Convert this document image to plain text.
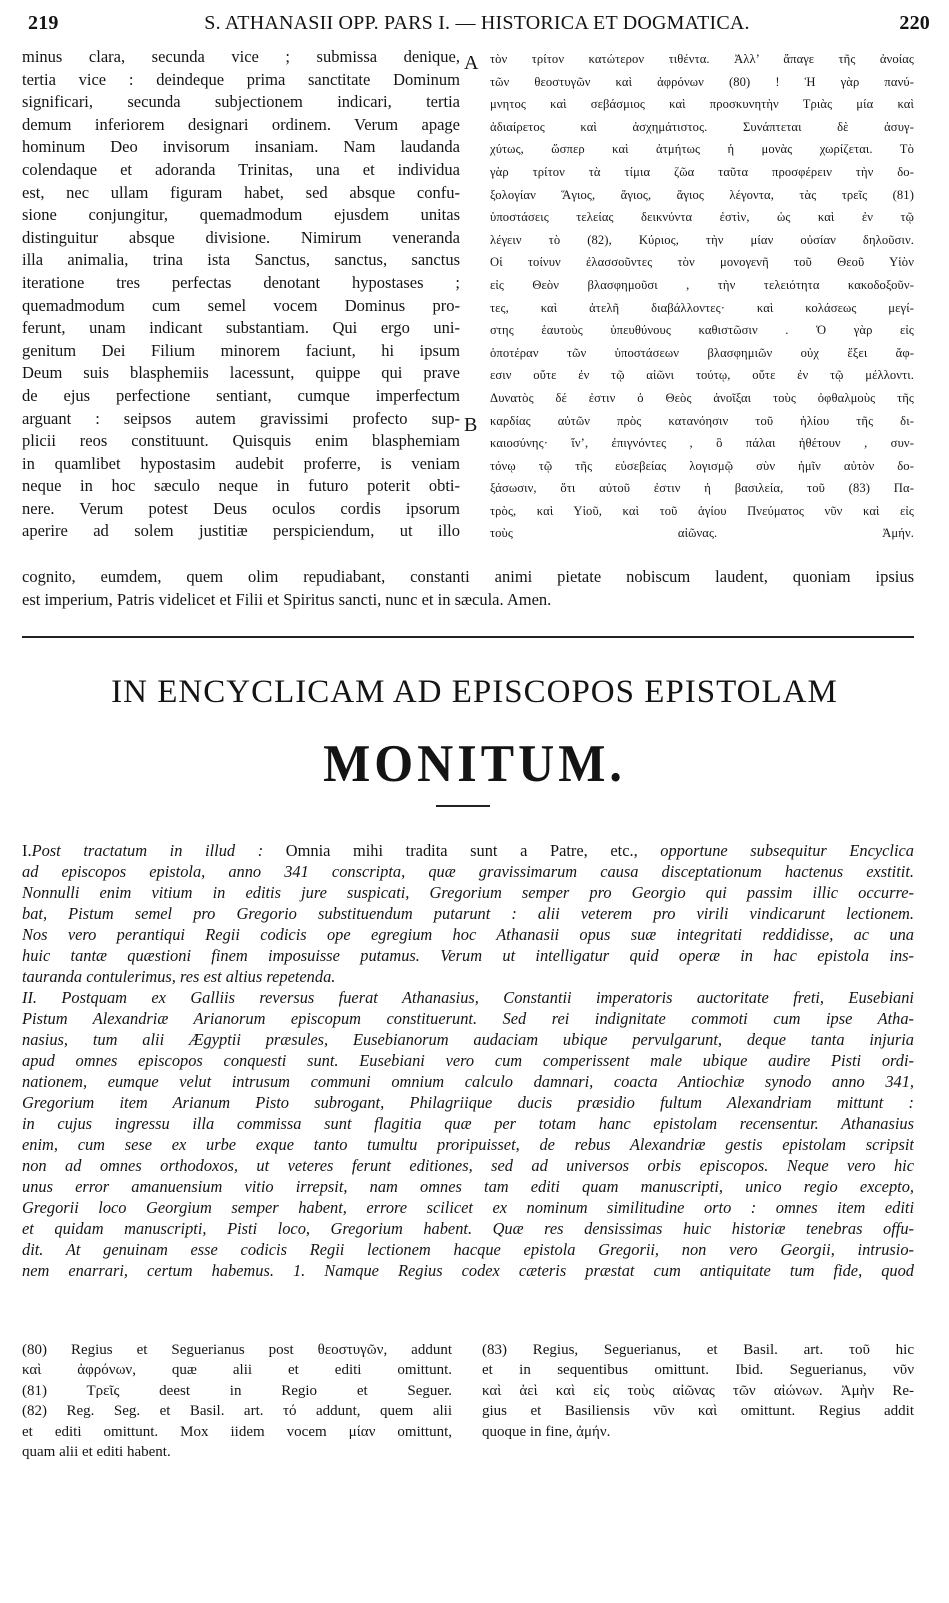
219	S. ATHANASII OPP. PARS I. — HISTORICA ET DOGMATICA.	220
A
B
minus clara, secunda vice ; submissa denique,
tertia vice : deindeque prima sanctitate Dominum
significari, secunda subjectionem indicari, tertia
demum inferiorem designari ordinem. Verum apage
hominum Deo invisorum insaniam. Nam laudanda
colendaque et adoranda Trinitas, una et individua
est, nec ullam figuram habet, sed absque confu-
sione conjungitur, quemadmodum ejusdem unitas
distinguitur absque divisione. Nimirum veneranda
illa animalia, trina ista Sanctus, sanctus, sanctus
iteratione tres perfectas denotant hypostases ;
quemadmodum cum semel vocem Dominus pro-
ferunt, unam indicant substantiam. Qui ergo uni-
genitum Dei Filium minorem faciunt, hi ipsum
Deum suis blasphemiis lacessunt, quippe qui prave
de ejus perfectione sentiant, cumque imperfectum
arguant : seipsos autem gravissimi profecto sup-
plicii reos constituunt. Quisquis enim blasphemiam
in quamlibet hypostasim audebit proferre, is veniam
neque in hoc sæculo neque in futuro poterit obti-
nere. Verum potest Deus oculos cordis ipsorum
aperire ad solem justitiæ perspiciendum, ut illo
τὸν τρίτον κατώτερον τιθέντα. Ἀλλ’ ἄπαγε τῆς ἀνοίας
τῶν θεοστυγῶν καὶ ἀφρόνων (80) ! Ἡ γὰρ πανύ-
μνητος καὶ σεβάσμιος καὶ προσκυνητὴν Τριὰς μία καὶ
ἀδιαίρετος καὶ ἀσχημάτιστος. Συνάπτεται δὲ ἀσυγ-
χύτως, ὥσπερ καὶ ἀτμήτως ἡ μονὰς χωρίζεται. Τὸ
γὰρ τρίτον τὰ τίμια ζῶα ταῦτα προσφέρειν τὴν δο-
ξολογίαν Ἅγιος, ἅγιος, ἅγιος λέγοντα, τὰς τρεῖς (81)
ὑποστάσεις τελείας δεικνύντα ἐστὶν, ὡς καὶ ἐν τῷ
λέγειν τὸ (82), Κύριος, τὴν μίαν οὐσίαν δηλοῦσιν.
Οἱ τοίνυν ἐλασσοῦντες τὸν μονογενῆ τοῦ Θεοῦ Υἱὸν
εἰς Θεὸν βλασφημοῦσι , τὴν τελειότητα κακοδοξοῦν-
τες, καὶ ἀτελῆ διαβάλλοντες· καὶ κολάσεως μεγί-
στης ἑαυτοὺς ὑπευθύνους καθιστῶσιν . Ὁ γὰρ εἰς
ὁποτέραν τῶν ὑποστάσεων βλασφημιῶν οὐχ ἕξει ἄφ-
εσιν οὔτε ἐν τῷ αἰῶνι τούτῳ, οὔτε ἐν τῷ μέλλοντι.
Δυνατὸς δέ ἐστιν ὁ Θεὸς ἀνοῖξαι τοὺς ὀφθαλμοὺς τῆς
καρδίας αὐτῶν πρὸς κατανόησιν τοῦ ἡλίου τῆς δι-
καιοσύνης· ἵν’, ἐπιγνόντες , ὃ πάλαι ἠθέτουν , συν-
τόνῳ τῷ τῆς εὐσεβείας λογισμῷ σὺν ἡμῖν αὐτὸν δο-
ξάσωσιν, ὅτι αὐτοῦ ἐστιν ἡ βασιλεία, τοῦ (83) Πα-
τρὸς, καὶ Υἱοῦ, καὶ τοῦ ἁγίου Πνεύματος νῦν καὶ εἰς
τοὺς αἰῶνας. Ἀμήν.
cognito, eumdem, quem olim repudiabant, constanti animi pietate nobiscum laudent, quoniam ipsius
est imperium, Patris videlicet et Filii et Spiritus sancti, nunc et in sæcula. Amen.
IN ENCYCLICAM AD EPISCOPOS EPISTOLAM
MONITUM.
I.Post tractatum in illud : Omnia mihi tradita sunt a Patre, etc., opportune subsequitur Encyclica
ad episcopos epistola, anno 341 conscripta, quæ gravissimarum causa disceptationum hactenus exstitit.
Nonnulli enim vitium in editis jure suspicati, Gregorium semper pro Georgio qui passim illic occurre-
bat, Pistum semel pro Gregorio substituendum putarunt : alii veterem pro virili vindicarunt lectionem.
Nos vero perantiqui Regii codicis ope egregium hoc Athanasii opus suæ integritati reddidisse, ac una
huic tantæ quæstioni finem imposuisse putamus. Verum ut intelligatur quid operæ in hac epistola ins-
tauranda contulerimus, res est altius repetenda.
II. Postquam ex Galliis reversus fuerat Athanasius, Constantii imperatoris auctoritate freti, Eusebiani
Pistum Alexandriæ Arianorum episcopum constituerunt. Sed rei indignitate commoti cum ipse Atha-
nasius, tum alii Ægyptii præsules, Eusebianorum audaciam ubique pervulgarunt, deque tanta injuria
apud omnes episcopos conquesti sunt. Eusebiani vero cum comperissent male ubique audire Pisti ordi-
nationem, eumque velut intrusum communi omnium calculo damnari, coacta Antiochiæ synodo anno 341,
Gregorium item Arianum Pisto subrogant, Philagriique ducis præsidio fultum Alexandriam mittunt :
in cujus ingressu illa commissa sunt flagitia quæ per totam hanc epistolam recensentur. Athanasius
enim, cum sese ex urbe exque tanto tumultu proripuisset, de rebus Alexandriæ gestis epistolam scripsit
non ad omnes orthodoxos, ut veteres ferunt editiones, sed ad universos orbis episcopos. Neque vero hic
unus error amanuensium vitio irrepsit, nam omnes tam editi quam manuscripti, unico regio excepto,
Gregorii loco Georgium semper habent, errore scilicet ex nominum similitudine orto : omnes item editi
et quidam manuscripti, Pisti loco, Gregorium habent. Quæ res densissimas huic historiæ tenebras offu-
dit. At genuinam esse codicis Regii lectionem hacque epistola Gregorii, non vero Georgii, intrusio-
nem enarrari, certum habemus. 1. Namque Regius codex cæteris præstat cum antiquitate tum fide, quod
(80) Regius et Seguerianus post θεοστυγῶν, addunt
καὶ ἀφρόνων, quæ alii et editi omittunt.
(81) Τρεῖς deest in Regio et Seguer.
(82) Reg. Seg. et Basil. art. τό addunt, quem alii
et editi omittunt. Mox iidem vocem μίαν omittunt,
quam alii et editi habent.
(83) Regius, Seguerianus, et Basil. art. τοῦ hic
et in sequentibus omittunt. Ibid. Seguerianus, νῦν
καὶ ἀεὶ καὶ εἰς τοὺς αἰῶνας τῶν αἰώνων. Ἀμὴν Re-
gius et Basiliensis νῦν καὶ omittunt. Regius addit
quoque in fine, ἀμήν.
